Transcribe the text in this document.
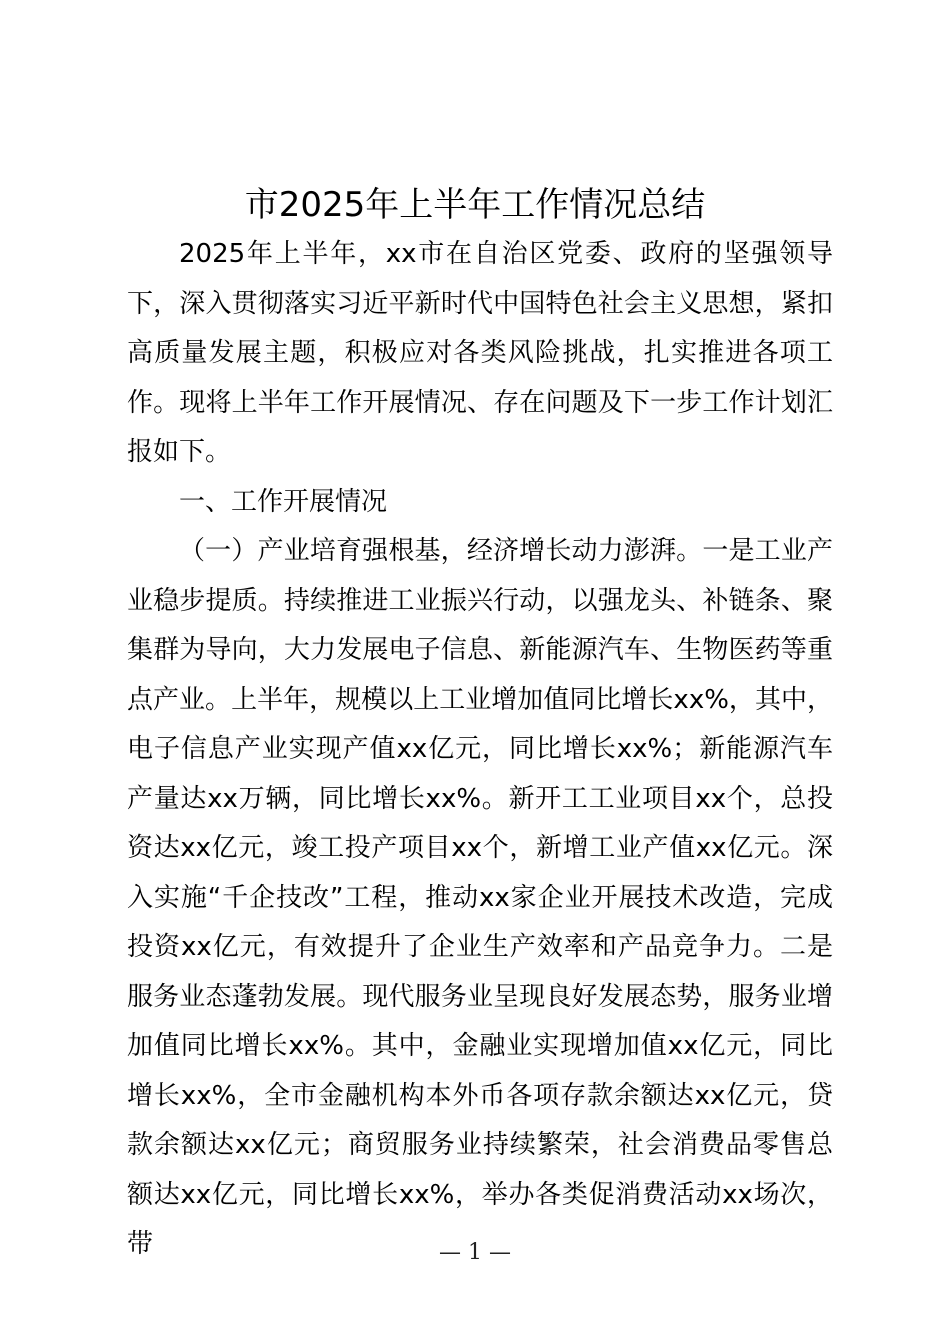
市2025年上半年工作情况总结

2025年上半年，xx市在自治区党委、政府的坚强领导下，深入贯彻落实习近平新时代中国特色社会主义思想，紧扣高质量发展主题，积极应对各类风险挑战，扎实推进各项工作。现将上半年工作开展情况、存在问题及下一步工作计划汇报如下。

一、工作开展情况

（一）产业培育强根基，经济增长动力澎湃。一是工业产业稳步提质。持续推进工业振兴行动，以强龙头、补链条、聚集群为导向，大力发展电子信息、新能源汽车、生物医药等重点产业。上半年，规模以上工业增加值同比增长xx%，其中，电子信息产业实现产值xx亿元，同比增长xx%；新能源汽车产量达xx万辆，同比增长xx%。新开工工业项目xx个，总投资达xx亿元，竣工投产项目xx个，新增工业产值xx亿元。深入实施“千企技改”工程，推动xx家企业开展技术改造，完成投资xx亿元，有效提升了企业生产效率和产品竞争力。二是服务业态蓬勃发展。现代服务业呈现良好发展态势，服务业增加值同比增长xx%。其中，金融业实现增加值xx亿元，同比增长xx%，全市金融机构本外币各项存款余额达xx亿元，贷款余额达xx亿元；商贸服务业持续繁荣，社会消费品零售总额达xx亿元，同比增长xx%，举办各类促消费活动xx场次，带	— 1 —
